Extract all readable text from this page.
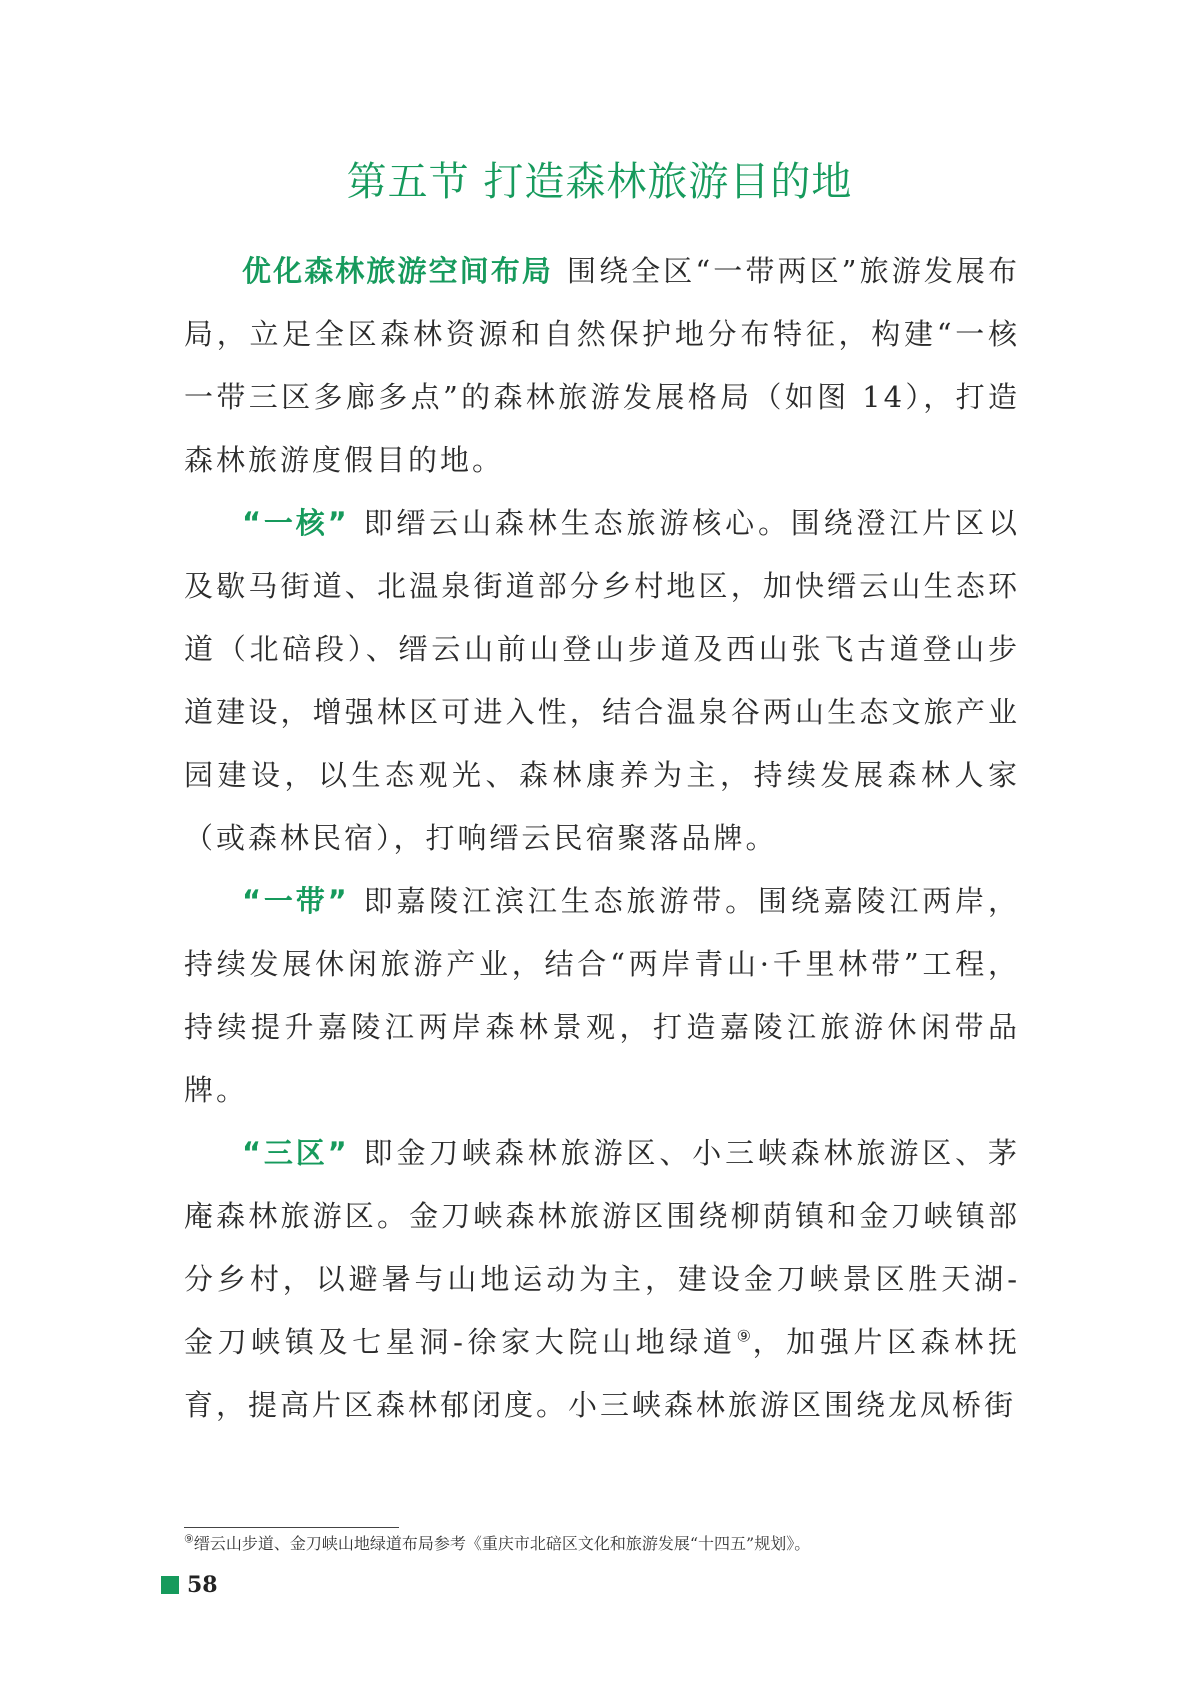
第五节 打造森林旅游目的地

优化森林旅游空间布局 围绕全区“一带两区”旅游发展布局，立足全区森林资源和自然保护地分布特征，构建“一核一带三区多廊多点”的森林旅游发展格局（如图 14），打造森林旅游度假目的地。

“一核” 即缙云山森林生态旅游核心。围绕澄江片区以及歇马街道、北温泉街道部分乡村地区，加快缙云山生态环道（北碚段）、缙云山前山登山步道及西山张飞古道登山步道建设，增强林区可进入性，结合温泉谷两山生态文旅产业园建设，以生态观光、森林康养为主，持续发展森林人家（或森林民宿），打响缙云民宿聚落品牌。

“一带” 即嘉陵江滨江生态旅游带。围绕嘉陵江两岸，持续发展休闲旅游产业，结合“两岸青山·千里林带”工程，持续提升嘉陵江两岸森林景观，打造嘉陵江旅游休闲带品牌。

“三区” 即金刀峡森林旅游区、小三峡森林旅游区、茅庵森林旅游区。金刀峡森林旅游区围绕柳荫镇和金刀峡镇部分乡村，以避暑与山地运动为主，建设金刀峡景区胜天湖-金刀峡镇及七星洞-徐家大院山地绿道⑨，加强片区森林抚育，提高片区森林郁闭度。小三峡森林旅游区围绕龙凤桥街

⑨缙云山步道、金刀峡山地绿道布局参考《重庆市北碚区文化和旅游发展“十四五”规划》。

58
